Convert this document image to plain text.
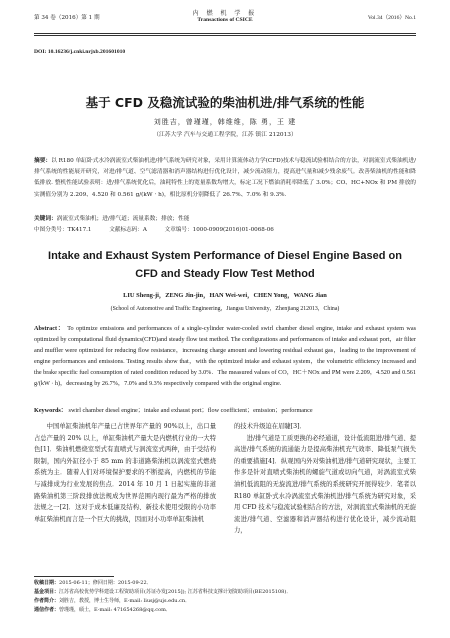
第 34 卷（2016）第 1 期
内 燃 机 学 报
Transactions of CSICE	Vol.34（2016）No.1
DOI: 10.16236/j.cnki.nrjxb.201601010
基于 CFD 及稳流试验的柴油机进/排气系统的性能
刘胜吉，曾瑾瑾，韩维维，陈 勇，王 建
（江苏大学 汽车与交通工程学院，江苏 镇江 212013）
摘要：以 R180 单缸卧式水冷涡流室式柴油机进/排气系统为研究对象，采用计算流体动力学(CFD)技术与稳流试验相结合的方法，对涡流室式柴油机进/排气系统的性能展开研究，对进/排气道、空气滤清器和消声器结构进行优化设计，减少流动阻力，提高进气量和减少残余废气。改善柴油机的性能和降低排放. 整机性能试验表明：进/排气系统优化后，油耗特性上的宽量系数均增大，标定工况下燃油消耗率降低了 3.0%；CO、HC+NOx 和 PM 排放的实测值分别为 2.209、4.520 和 0.561 g/(kW · h)，相比原机分别降低了 26.7%、7.0% 和 9.3%．
关键词：涡流室式柴油机；进/排气道；流量系数；排放；性能
中图分类号：TK417.1	文献标志码：A	文章编号：1000-0909(2016)01-0068-06
Intake and Exhaust System Performance of Diesel Engine Based on
CFD and Steady Flow Test Method
LIU Sheng-ji，ZENG Jin-jin，HAN Wei-wei，CHEN Yong，WANG Jian
(School of Automotive and Traffic Engineering，Jiangsu University，Zhenjiang 212013，China)
Abstract： To optimize emissions and performances of a single-cylinder water-cooled swirl chamber diesel engine, intake and exhaust system was optimized by computational fluid dynamics(CFD)and steady flow test method. The configurations and performances of intake and exhaust port，air filter and muffler were optimized for reducing flow resistance，increasing charge amount and lowering residual exhaust gas，leading to the improvement of engine performances and emissions. Testing results show that，with the optimized intake and exhaust system，the volumetric efficiency increased and the brake specific fuel consumption of rated condition reduced by 3.0%．The measured values of CO，HC＋NOx and PM were 2.209，4.520 and 0.561 g/(kW · h)，decreasing by 26.7%，7.0% and 9.3% respectively compared with the original engine.
Keywords： swirl chamber diesel engine；intake and exhaust port；flow coefficient；emission；performance
中国单缸柴油机年产量已占世界年产量的 90%以上，出口量占总产量的 20% 以上，单缸柴油机产量大是内燃机行业的一大特色[1]．柴油机燃烧室型式有直喷式与涡流室式两种，由于受结构限制，国内外缸径小于 85 mm 的非道路柴油机以涡流室式燃烧系统为主．随着人们对环境保护要求的不断提高，内燃机的节能与减排成为行业发展的焦点．2014 年 10 月 1 日起实施的非道路柴油机第三阶段排放法规成为世界范围内现行最为严格的排放法规之一[2]．这对于成本低廉及结构、新技术使用受限的小功率单缸柴油机而言是一个巨大的挑战，因而对小功率单缸柴油机

的技术升级迫在眉睫[3]．

进/排气道是工质更换的必经通道，设计低流阻进/排气道、提高进/排气系统的流通能力是提高柴油机充气效率、降低泵气损失的重要措施[4]．纵观国内外对柴油机进/排气道研究现状，主要工作多是针对直喷式柴油机的螺旋气道或切向气道，对涡流室式柴油机低流阻的无旋流进/排气系统的系统研究开展得较少．笔者以 R180 单缸卧式水冷涡流室式柴油机进/排气系统为研究对象，采用 CFD 技术与稳流试验相结合的方法，对涡流室式柴油机的无旋流进/排气道、空滤器和消声器结构进行优化设计，减少流动阻力，

收稿日期：2015-06-11；修回日期：2015-09-22．
基金项目：江苏省高校优势学科建设工程资助项目(苏证办发[2015]); 江苏省科技支撑计划资助项目(BE2015108)．
作者简介：刘胜吉，教授，博士生导师，E-mail: liusj@ujs.edu.cn．
通信作者：曾瑾瑾，硕士，E-mail: 471654268@qq.com．
